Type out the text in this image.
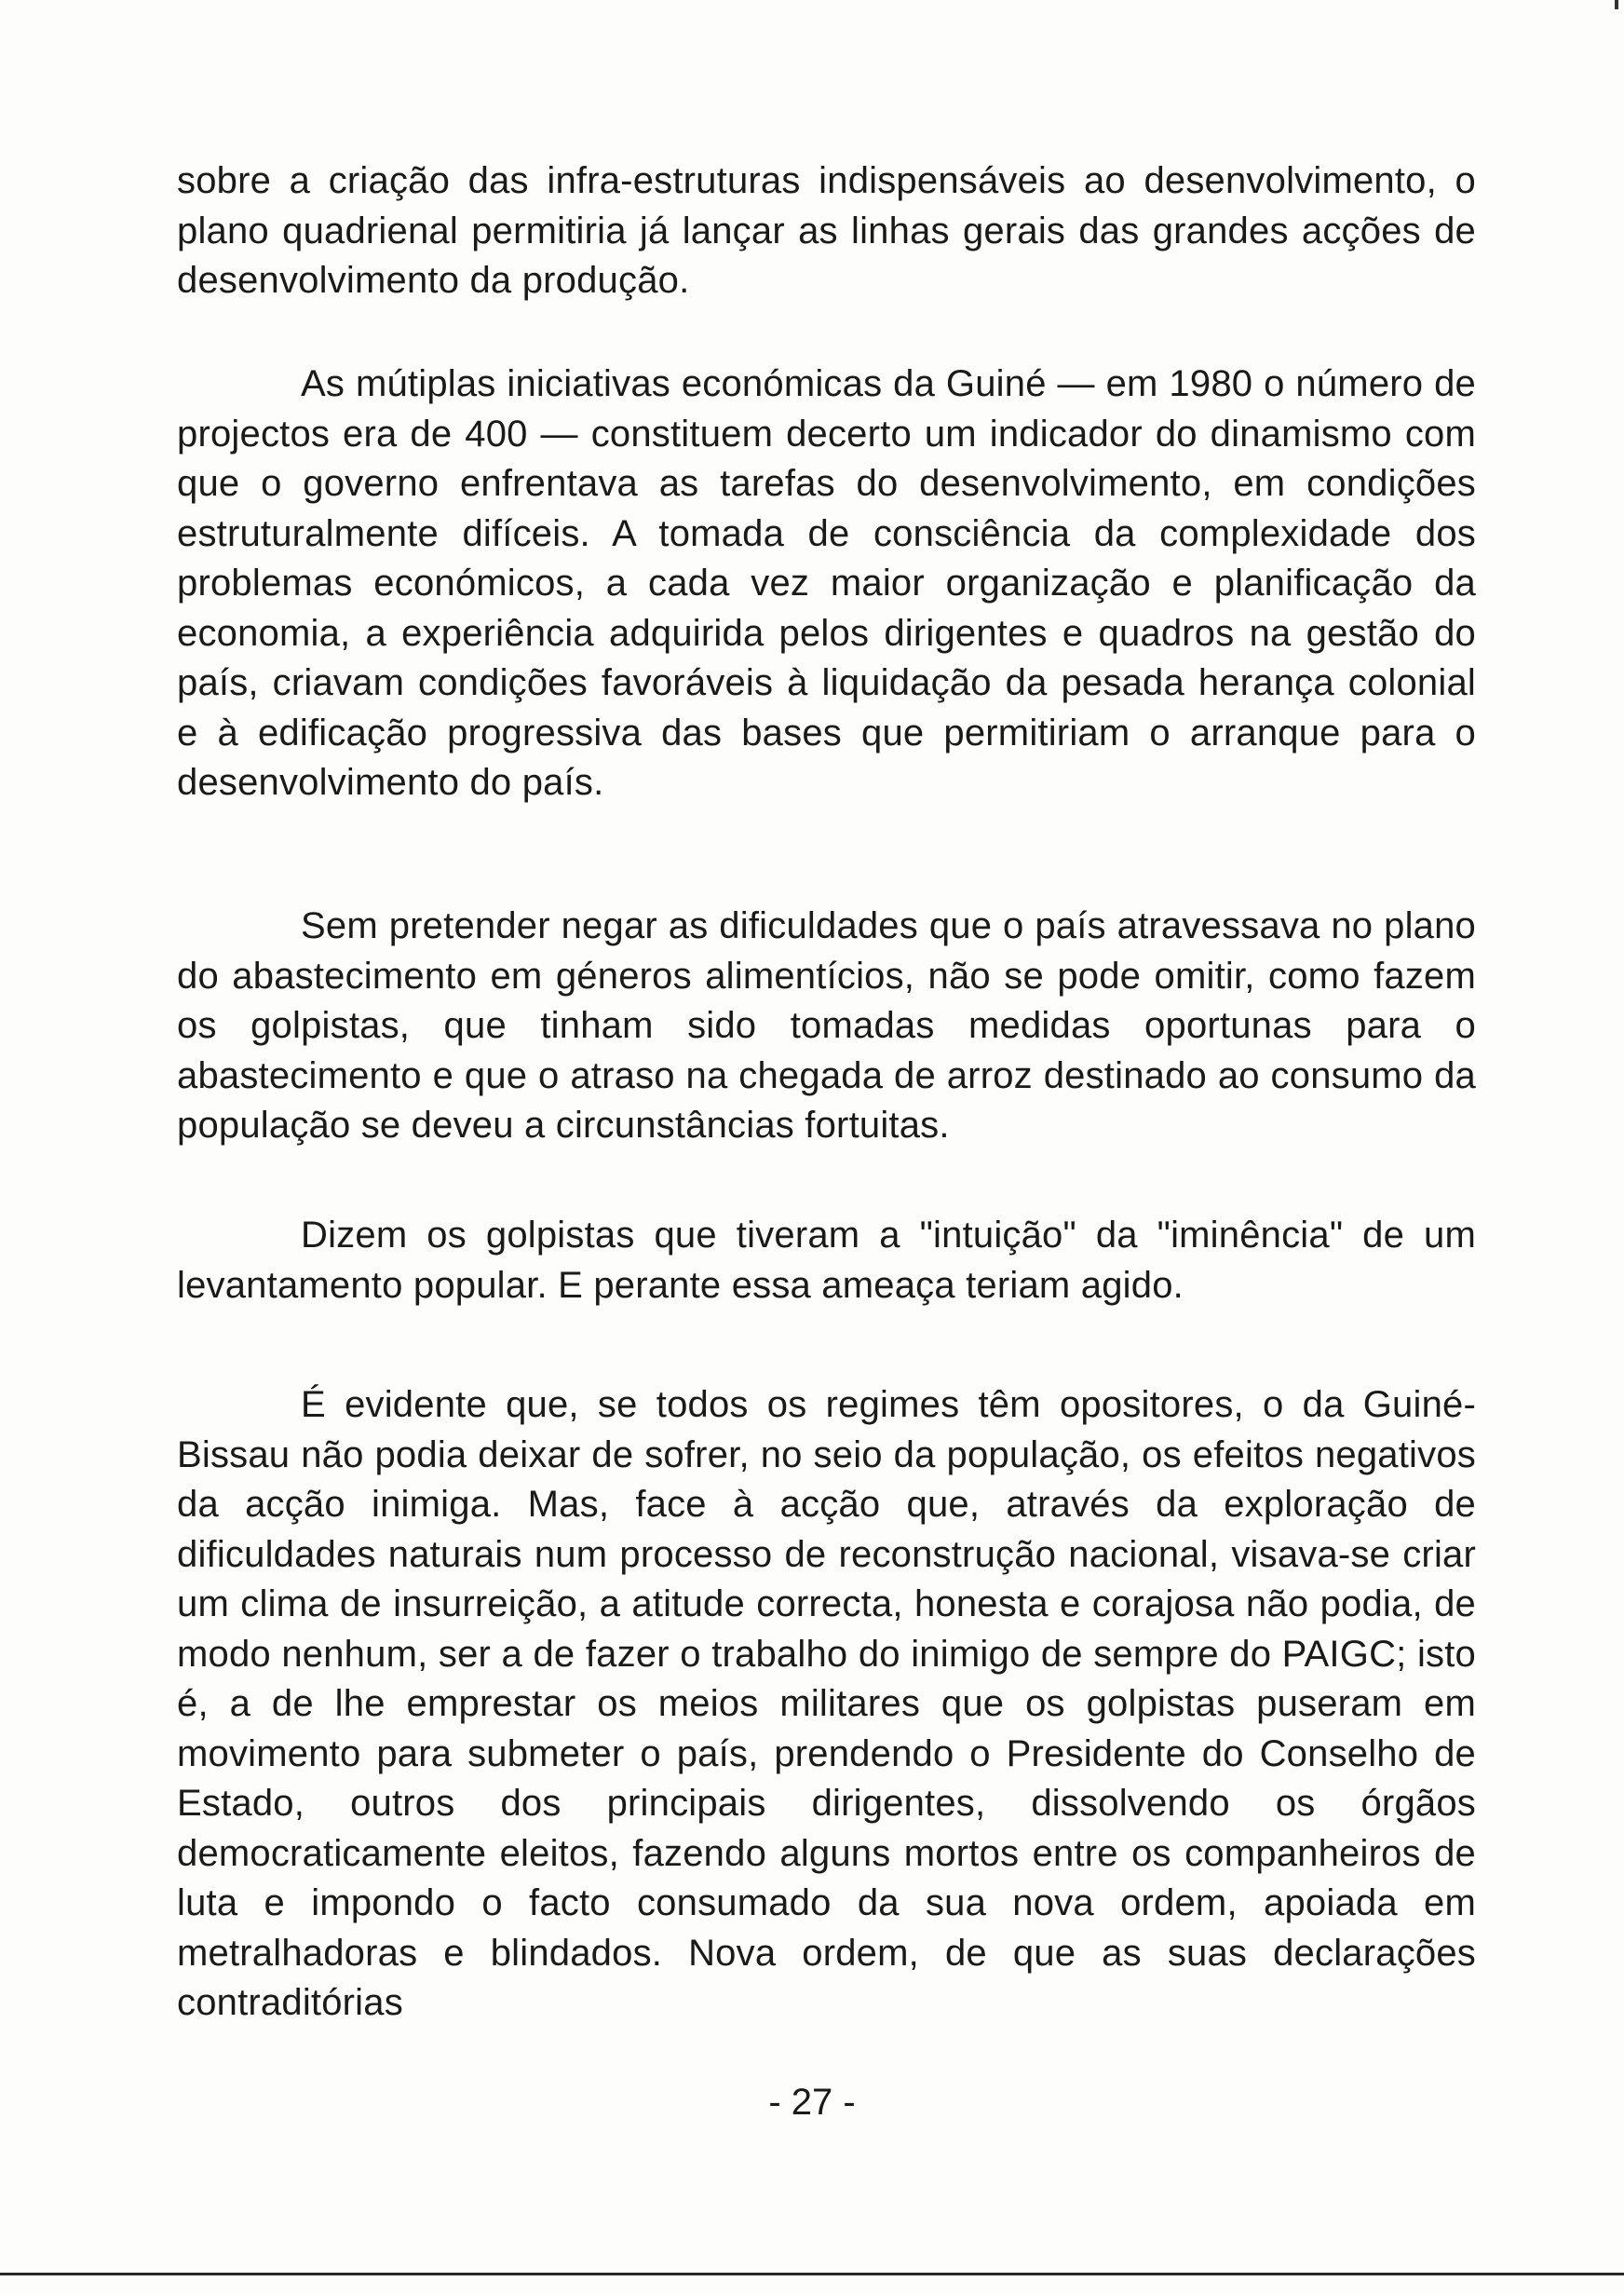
sobre a criação das infra-estruturas indispensáveis ao desenvolvimento, o plano quadrienal permitiria já lançar as linhas gerais das grandes acções de desenvolvimento da produção.

As mútiplas iniciativas económicas da Guiné — em 1980 o número de projectos era de 400 — constituem decerto um indicador do dinamismo com que o governo enfrentava as tarefas do desenvolvimento, em condições estruturalmente difíceis. A tomada de consciência da complexidade dos problemas económicos, a cada vez maior organização e planificação da economia, a experiência adquirida pelos dirigentes e quadros na gestão do país, criavam condições favoráveis à liquidação da pesada herança colonial e à edificação progressiva das bases que permitiriam o arranque para o desenvolvimento do país.

Sem pretender negar as dificuldades que o país atravessava no plano do abastecimento em géneros alimentícios, não se pode omitir, como fazem os golpistas, que tinham sido tomadas medidas oportunas para o abastecimento e que o atraso na chegada de arroz destinado ao consumo da população se deveu a circunstâncias fortuitas.

Dizem os golpistas que tiveram a "intuição" da "iminência" de um levantamento popular. E perante essa ameaça teriam agido.

É evidente que, se todos os regimes têm opositores, o da Guiné-Bissau não podia deixar de sofrer, no seio da população, os efeitos negativos da acção inimiga. Mas, face à acção que, através da exploração de dificuldades naturais num processo de reconstrução nacional, visava-se criar um clima de insurreição, a atitude correcta, honesta e corajosa não podia, de modo nenhum, ser a de fazer o trabalho do inimigo de sempre do PAIGC; isto é, a de lhe emprestar os meios militares que os golpistas puseram em movimento para submeter o país, prendendo o Presidente do Conselho de Estado, outros dos principais dirigentes, dissolvendo os órgãos democraticamente eleitos, fazendo alguns mortos entre os companheiros de luta e impondo o facto consumado da sua nova ordem, apoiada em metralhadoras e blindados. Nova ordem, de que as suas declarações contraditórias

- 27 -
